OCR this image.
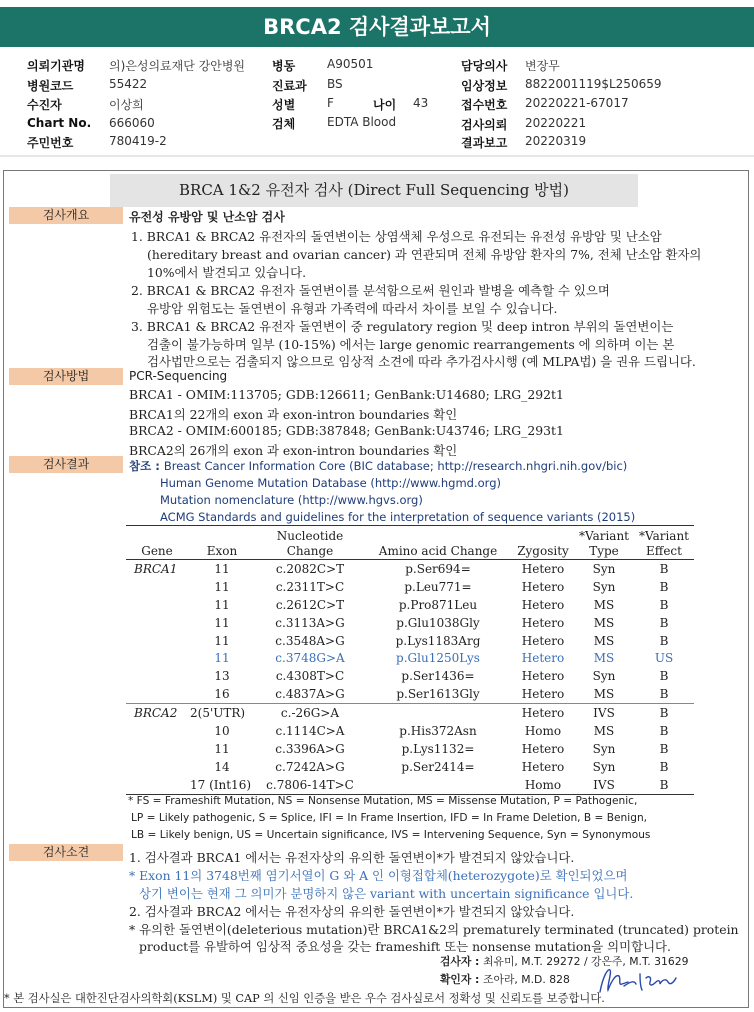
BRCA2 검사결과보고서
의뢰기관명 의)은성의료재단 강안병원
병원코드	55422
수진자	이상희
Chart No. 666060
주민번호	780419-2
병동	A90501
진료과 BS
성별	F	나이 43
검체	EDTA Blood
담당의사 변장무
임상정보 8822001119$L250659
접수번호 20220221-67017
검사의뢰 20220221
결과보고 20220319
BRCA 1&2 유전자 검사 (Direct Full Sequencing 방법)
검사개요	유전성 유방암 및 난소암 검사
1. BRCA1 & BRCA2 유전자의 돌연변이는 상염색체 우성으로 유전되는 유전성 유방암 및 난소암
(hereditary breast and ovarian cancer) 과 연관되며 전체 유방암 환자의 7%, 전체 난소암 환자의
10%에서 발견되고 있습니다.
2. BRCA1 & BRCA2 유전자 돌연변이를 분석함으로써 원인과 발병을 예측할 수 있으며
유방암 위험도는 돌연변이 유형과 가족력에 따라서 차이를 보일 수 있습니다.
3. BRCA1 & BRCA2 유전자 돌연변이 중 regulatory region 및 deep intron 부위의 돌연변이는
검출이 불가능하며 일부 (10-15%) 에서는 large genomic rearrangements 에 의하며 이는 본
검사법만으로는 검출되지 않으므로 임상적 소견에 따라 추가검사시행 (예 MLPA법) 을 권유 드립니다.
검사방법	PCR-Sequencing
BRCA1 - OMIM:113705; GDB:126611; GenBank:U14680; LRG_292t1
BRCA1의 22개의 exon 과 exon-intron boundaries 확인
BRCA2 - OMIM:600185; GDB:387848; GenBank:U43746; LRG_293t1
BRCA2의 26개의 exon 과 exon-intron boundaries 확인
검사결과	참조 : Breast Cancer Information Core (BIC database; http://research.nhgri.nih.gov/bic)
Human Genome Mutation Database (http://www.hgmd.org)
Mutation nomenclature (http://www.hgvs.org)
ACMG Standards and guidelines for the interpretation of sequence variants (2015)
Gene	Exon	Nucleotide Change	Amino acid Change	Zygosity	*Variant Type	*Variant Effect
BRCA1	11	c.2082C>T	p.Ser694=	Hetero	Syn	B
	11	c.2311T>C	p.Leu771=	Hetero	Syn	B
	11	c.2612C>T	p.Pro871Leu	Hetero	MS	B
	11	c.3113A>G	p.Glu1038Gly	Hetero	MS	B
	11	c.3548A>G	p.Lys1183Arg	Hetero	MS	B
	11	c.3748G>A	p.Glu1250Lys	Hetero	MS	US
	13	c.4308T>C	p.Ser1436=	Hetero	Syn	B
	16	c.4837A>G	p.Ser1613Gly	Hetero	MS	B
BRCA2	2(5'UTR)	c.-26G>A		Hetero	IVS	B
	10	c.1114C>A	p.His372Asn	Homo	MS	B
	11	c.3396A>G	p.Lys1132=	Hetero	Syn	B
	14	c.7242A>G	p.Ser2414=	Hetero	Syn	B
	17 (Int16)	c.7806-14T>C		Homo	IVS	B
* FS = Frameshift Mutation, NS = Nonsense Mutation, MS = Missense Mutation, P = Pathogenic,
LP = Likely pathogenic, S = Splice, IFI = In Frame Insertion, IFD = In Frame Deletion, B = Benign,
LB = Likely benign, US = Uncertain significance, IVS = Intervening Sequence, Syn = Synonymous
검사소견	1. 검사결과 BRCA1 에서는 유전자상의 유의한 돌연변이*가 발견되지 않았습니다.
* Exon 11의 3748번째 염기서열이 G 와 A 인 이형접합체(heterozygote)로 확인되었으며
상기 변이는 현재 그 의미가 분명하지 않은 variant with uncertain significance 입니다.
2. 검사결과 BRCA2 에서는 유전자상의 유의한 돌연변이*가 발견되지 않았습니다.
* 유의한 돌연변이(deleterious mutation)란 BRCA1&2의 prematurely terminated (truncated) protein
product를 유발하여 임상적 중요성을 갖는 frameshift 또는 nonsense mutation을 의미합니다.
검사자 : 최유미, M.T. 29272 / 강은주, M.T. 31629
확인자 : 조아라, M.D. 828
* 본 검사실은 대한진단검사의학회(KSLM) 및 CAP 의 신임 인증을 받은 우수 검사실로서 정확성 및 신뢰도를 보증합니다.
